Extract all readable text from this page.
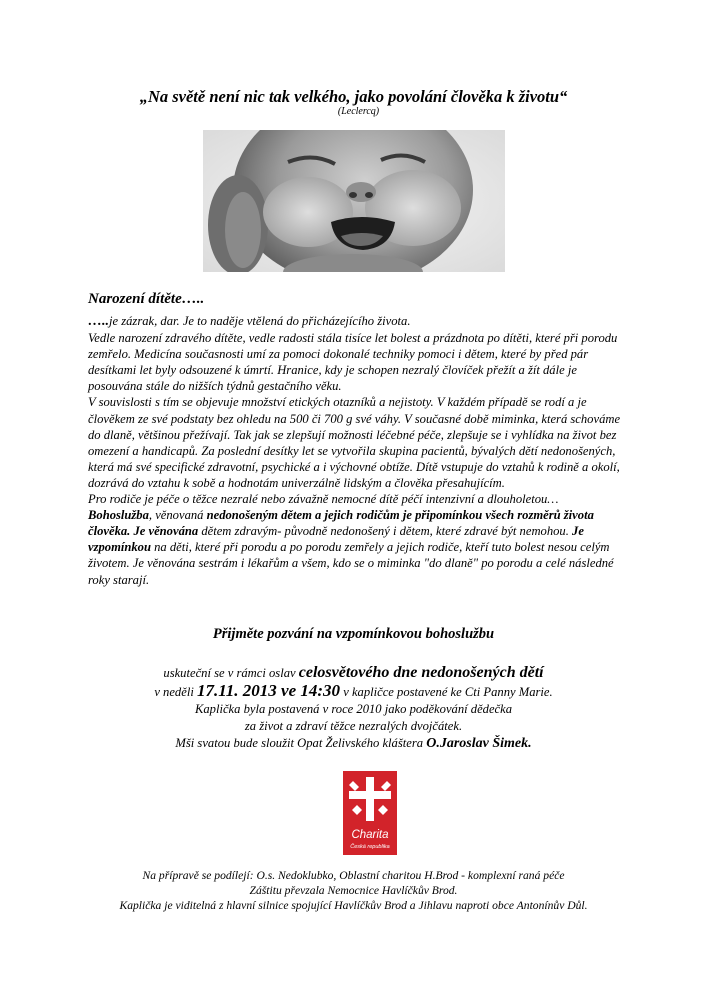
„Na světě není nic tak velkého, jako povolání člověka k životu“
(Leclercq)
Narození dítěte…..

…..je zázrak, dar. Je to naděje vtělená do přicházejícího života.

Vedle narození zdravého dítěte, vedle radosti stála tisíce let bolest a prázdnota po dítěti, které při porodu zemřelo. Medicína současnosti umí za pomoci dokonalé techniky pomoci i dětem, které by před pár desítkami let byly odsouzené k úmrtí. Hranice, kdy je schopen nezralý človíček přežít a žít dále je posouvána stále do nižších týdnů gestačního věku.

V souvislosti s tím se objevuje množství etických otazníků a nejistoty. V každém případě se rodí a je člověkem ze své podstaty bez ohledu na 500 či 700 g své váhy. V současné době miminka, která schováme do dlaně, většinou přežívají. Tak jak se zlepšují možnosti léčebné péče, zlepšuje se i vyhlídka na život bez omezení a handicapů. Za poslední desítky let se vytvořila skupina pacientů, bývalých dětí nedonošených, která má své specifické zdravotní, psychické a i výchovné obtíže. Dítě vstupuje do vztahů k rodině a okolí, dozrává do vztahu k sobě a hodnotám univerzálně lidským a člověka přesahujícím.

Pro rodiče je péče o těžce nezralé nebo závažně nemocné dítě péčí intenzivní a dlouholetou…

Bohoslužba, věnovaná nedonošeným dětem a jejich rodičům je připomínkou všech rozměrů života člověka. Je věnována dětem zdravým- původně nedonošený i dětem, které zdravé být nemohou. Je vzpomínkou na děti, které při porodu a po porodu zemřely a jejich rodiče, kteří tuto bolest nesou celým životem. Je věnována sestrám i lékařům a všem, kdo se o miminka "do dlaně" po porodu a celé následné roky starají.

Přijměte pozvání na vzpomínkovou bohoslužbu
uskuteční se v rámci oslav celosvětového dne nedonošených dětí
v neděli 17.11. 2013 ve 14:30 v kapličce postavené ke Cti Panny Marie.
Kaplička byla postavená v roce 2010 jako poděkování dědečka
za život a zdraví těžce nezralých dvojčátek.
Mši svatou bude sloužit Opat Želivského kláštera O.Jaroslav Šimek.
Charita
Česká republika
Na přípravě se podílejí: O.s. Nedoklubko, Oblastní charitou H.Brod - komplexní raná péče
Záštitu převzala Nemocnice Havlíčkův Brod.
Kaplička je viditelná z hlavní silnice spojující Havlíčkův Brod a Jihlavu naproti obce Antonínův Důl.
